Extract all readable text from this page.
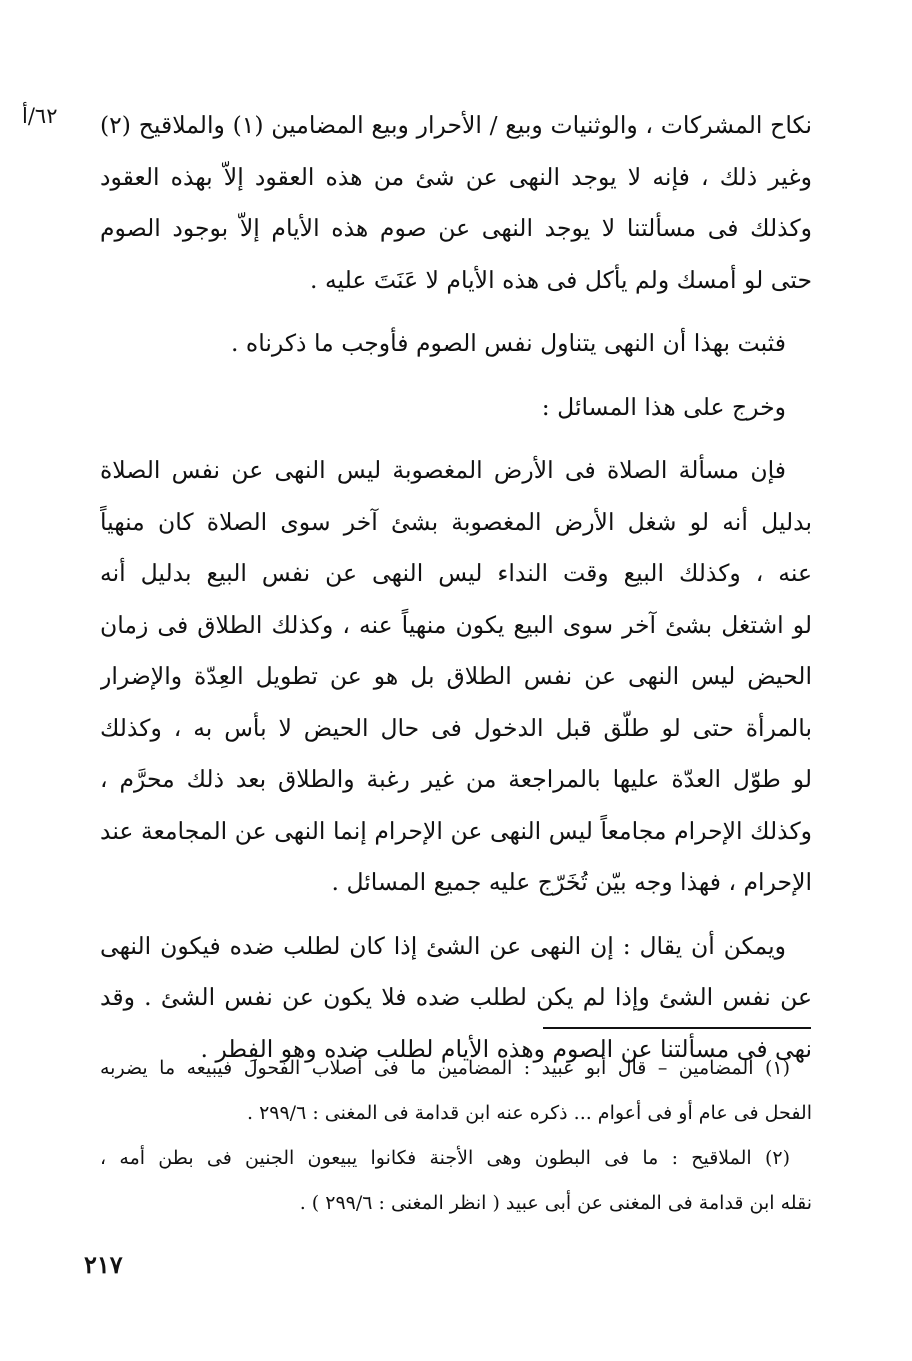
٦٢/أ نكاح المشركات ، والوثنيات وبيع / الأحرار وبيع المضامين (١) والملاقيح (٢)
وغير ذلك ، فإنه لا يوجد النهى عن شئ من هذه العقود إلاّ بهذه العقود
وكذلك فى مسألتنا لا يوجد النهى عن صوم هذه الأيام إلاّ بوجود الصوم
حتى لو أمسك ولم يأكل فى هذه الأيام لا عَنَتَ عليه .
فثبت بهذا أن النهى يتناول نفس الصوم فأوجب ما ذكرناه .
وخرج على هذا المسائل :
فإن مسألة الصلاة فى الأرض المغصوبة ليس النهى عن نفس الصلاة
بدليل أنه لو شغل الأرض المغصوبة بشئ آخر سوى الصلاة كان منهياً
عنه ، وكذلك البيع وقت النداء ليس النهى عن نفس البيع بدليل أنه
لو اشتغل بشئ آخر سوى البيع يكون منهياً عنه ، وكذلك الطلاق فى زمان
الحيض ليس النهى عن نفس الطلاق بل هو عن تطويل العِدّة والإضرار
بالمرأة حتى لو طلّق قبل الدخول فى حال الحيض لا بأس به ، وكذلك
لو طوّل العدّة عليها بالمراجعة من غير رغبة والطلاق بعد ذلك محرَّم ،
وكذلك الإحرام مجامعاً ليس النهى عن الإحرام إنما النهى عن المجامعة عند
الإحرام ، فهذا وجه بيّن تُخَرّج عليه جميع المسائل .
ويمكن أن يقال : إن النهى عن الشئ إذا كان لطلب ضده فيكون النهى
عن نفس الشئ وإذا لم يكن لطلب ضده فلا يكون عن نفس الشئ . وقد
نهى فى مسألتنا عن الصوم وهذه الأيام لطلب ضده وهو الفِطر .
(١) المضامين – قال أبو عبيد : المضامين ما فى أصلاب الفحول فيبيعه ما يضربه
الفحل فى عام أو فى أعوام ... ذكره عنه ابن قدامة فى المغنى : ٢٩٩/٦ .
(٢) الملاقيح : ما فى البطون وهى الأجنة فكانوا يبيعون الجنين فى بطن أمه ،
نقله ابن قدامة فى المغنى عن أبى عبيد ( انظر المغنى : ٢٩٩/٦ ) .
٢١٧
